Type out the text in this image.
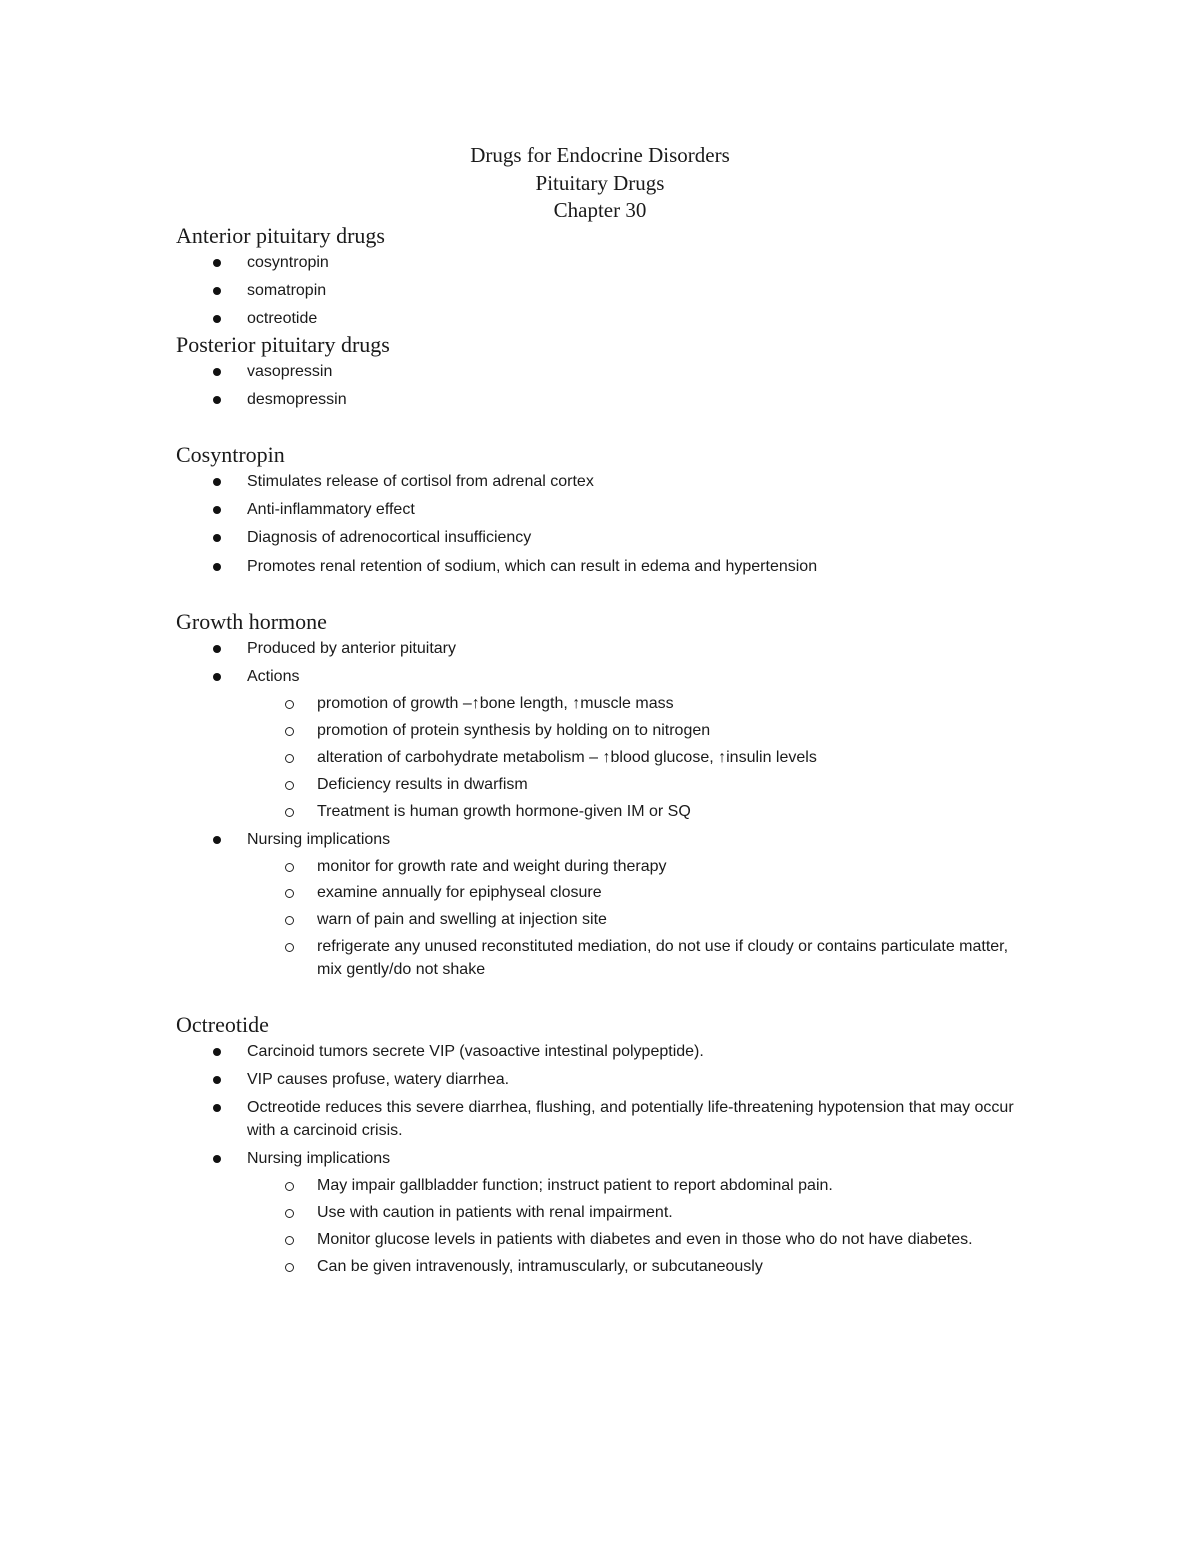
Drugs for Endocrine Disorders
Pituitary Drugs
Chapter 30
Anterior pituitary drugs
cosyntropin
somatropin
octreotide
Posterior pituitary drugs
vasopressin
desmopressin
Cosyntropin
Stimulates release of cortisol from adrenal cortex
Anti-inflammatory effect
Diagnosis of adrenocortical insufficiency
Promotes renal retention of sodium, which can result in edema and hypertension
Growth hormone
Produced by anterior pituitary
Actions
promotion of growth –↑bone length, ↑muscle mass
promotion of protein synthesis by holding on to nitrogen
alteration of carbohydrate metabolism – ↑blood glucose, ↑insulin levels
Deficiency results in dwarfism
Treatment is human growth hormone-given IM or SQ
Nursing implications
monitor for growth rate and weight during therapy
examine annually for epiphyseal closure
warn of pain and swelling at injection site
refrigerate any unused reconstituted mediation, do not use if cloudy or contains particulate matter, mix gently/do not shake
Octreotide
Carcinoid tumors secrete VIP (vasoactive intestinal polypeptide).
VIP causes profuse, watery diarrhea.
Octreotide reduces this severe diarrhea, flushing, and potentially life-threatening hypotension that may occur with a carcinoid crisis.
Nursing implications
May impair gallbladder function; instruct patient to report abdominal pain.
Use with caution in patients with renal impairment.
Monitor glucose levels in patients with diabetes and even in those who do not have diabetes.
Can be given intravenously, intramuscularly, or subcutaneously
